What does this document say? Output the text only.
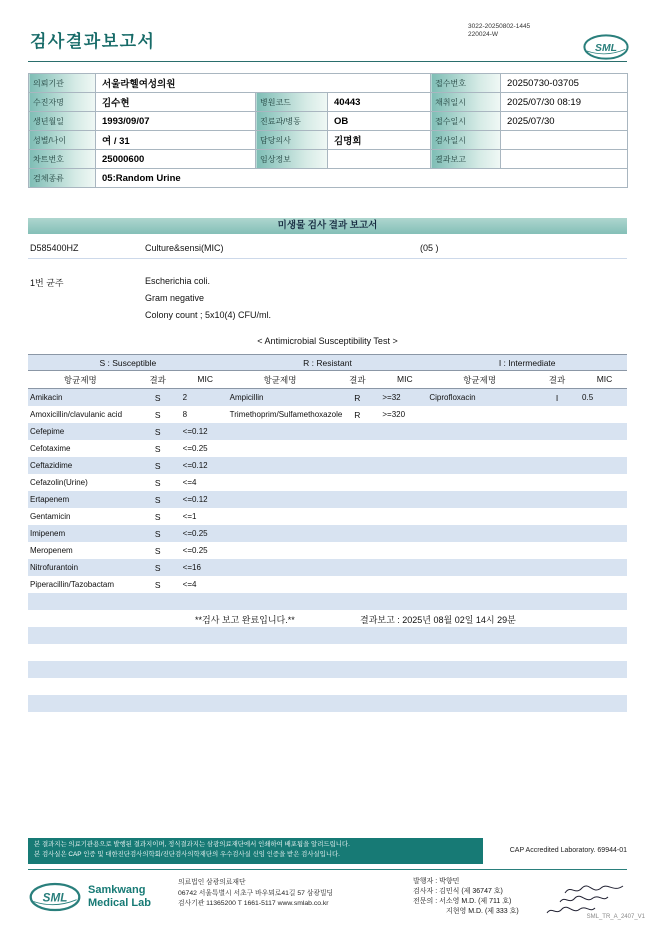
3022-20250802-1445
220024-W
검사결과보고서	SML
의뢰기관	서울라헬여성의원			접수번호	20250730-03705
수진자명	김수현	병원코드	40443	채취일시	2025/07/30 08:19
생년월일	1993/09/07	진료과/병동	OB	접수일시	2025/07/30
성별/나이	여 / 31	담당의사	김명희	검사일시	
차트번호	25000600	임상정보		결과보고	
검체종류	05:Random Urine				
미생물 검사 결과 보고서
D585400HZ	Culture&sensi(MIC)	(05 )
1번 균주	Escherichia coli.
Gram negative
Colony count ; 5x10(4) CFU/ml.
< Antimicrobial Susceptibility Test >
S : Susceptible	R : Resistant	I : Intermediate
항균제명	결과	MIC	항균제명	결과	MIC	항균제명	결과	MIC
Amikacin	S	2	Ampicillin	R	>=32	Ciprofloxacin	I	0.5
Amoxicillin/clavulanic acid	S	8	Trimethoprim/Sulfamethoxazole	R	>=320
Cefepime	S	<=0.12
Cefotaxime	S	<=0.25
Ceftazidime	S	<=0.12
Cefazolin(Urine)	S	<=4
Ertapenem	S	<=0.12
Gentamicin	S	<=1
Imipenem	S	<=0.25
Meropenem	S	<=0.25
Nitrofurantoin	S	<=16
Piperacillin/Tazobactam	S	<=4
**검사 보고 완료입니다.**	결과보고 : 2025년 08월 02일 14시 29분
본 결과지는 의료기관용으로 발행된 결과지이며, 정식결과지는 삼광의료재단에서 인쇄하여 배포됨을 알려드립니다.
본 검사실은 CAP 인증 및 대한진단검사의학회/진단검사의학재단의 우수검사실 신임 인증을 받은 검사실입니다.
CAP Accredited Laboratory. 69944-01
SML
Samkwang
Medical Lab
의료법인 삼광의료재단
06742 서울특별시 서초구 바우뫼로41길 57 삼광빌딩
검사기관 11365200 T 1661-5117 www.smlab.co.kr
발행자 : 박향민
검사자 : 김민식 (제 36747 호)
전문의 : 서소영 M.D. (제 711 호)
지현영 M.D. (제 333 호)
SML_TR_A_2407_V1
